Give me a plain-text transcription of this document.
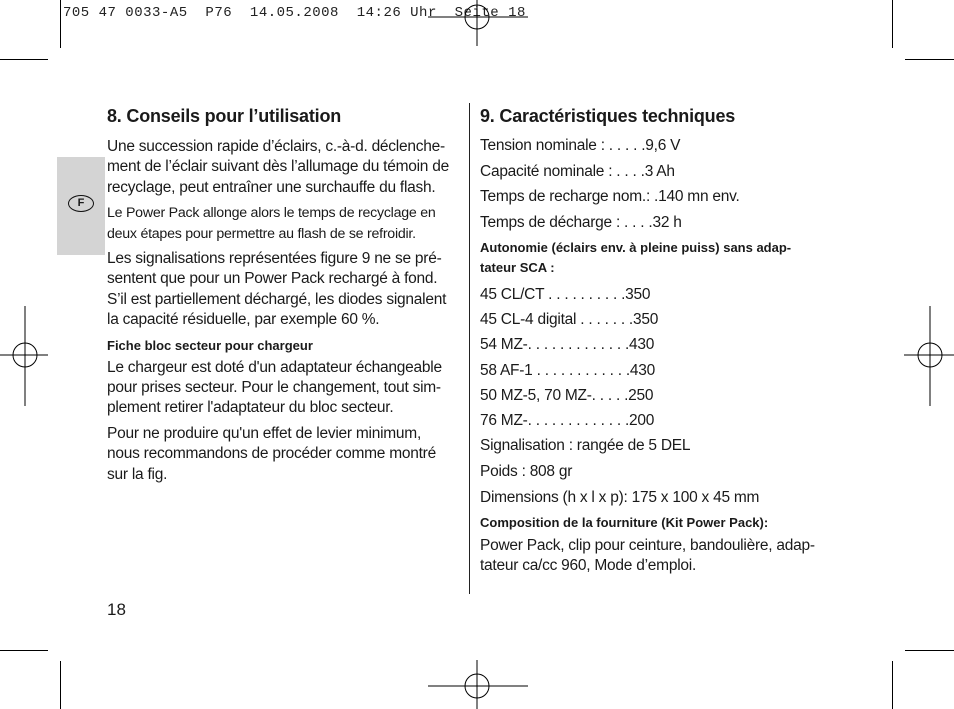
705 47 0033-A5  P76  14.05.2008  14:26 Uhr  Seite 18
F
8. Conseils pour l’utilisation

Une succession rapide d’éclairs, c.-à-d. déclenche-
ment de l’éclair suivant dès l’allumage du témoin de
recyclage, peut entraîner une surchauffe du flash.

Le Power Pack allonge alors le temps de recyclage en
deux étapes pour permettre au flash de se refroidir.

Les signalisations représentées figure 9 ne se pré-
sentent que pour un Power Pack rechargé à fond.
S’il est partiellement déchargé, les diodes signalent
la capacité résiduelle, par exemple 60 %.

Fiche bloc secteur pour chargeur

Le chargeur est doté d'un adaptateur échangeable
pour prises secteur. Pour le changement, tout sim-
plement retirer l'adaptateur du bloc secteur.

Pour ne produire qu'un effet de levier minimum,
nous recommandons de procéder comme montré
sur la fig.

9. Caractéristiques techniques

Tension nominale : . . . . .9,6 V

Capacité nominale : . . . .3 Ah

Temps de recharge nom.: .140 mn env.

Temps de décharge : . . . .32 h

Autonomie (éclairs env. à pleine puiss) sans adap-
tateur SCA :

45 CL/CT . . . . . . . . . .350

45 CL-4 digital . . . . . . .350

54 MZ-. . . . . . . . . . . . .430

58 AF-1 . . . . . . . . . . . .430

50 MZ-5, 70 MZ-. . . . .250

76 MZ-. . . . . . . . . . . . .200

Signalisation : rangée de 5 DEL

Poids : 808 gr

Dimensions (h x l x p): 175 x 100 x 45 mm

Composition de la fourniture (Kit Power Pack):

Power Pack, clip pour ceinture, bandoulière, adap-
tateur ca/cc 960, Mode d’emploi.

18
